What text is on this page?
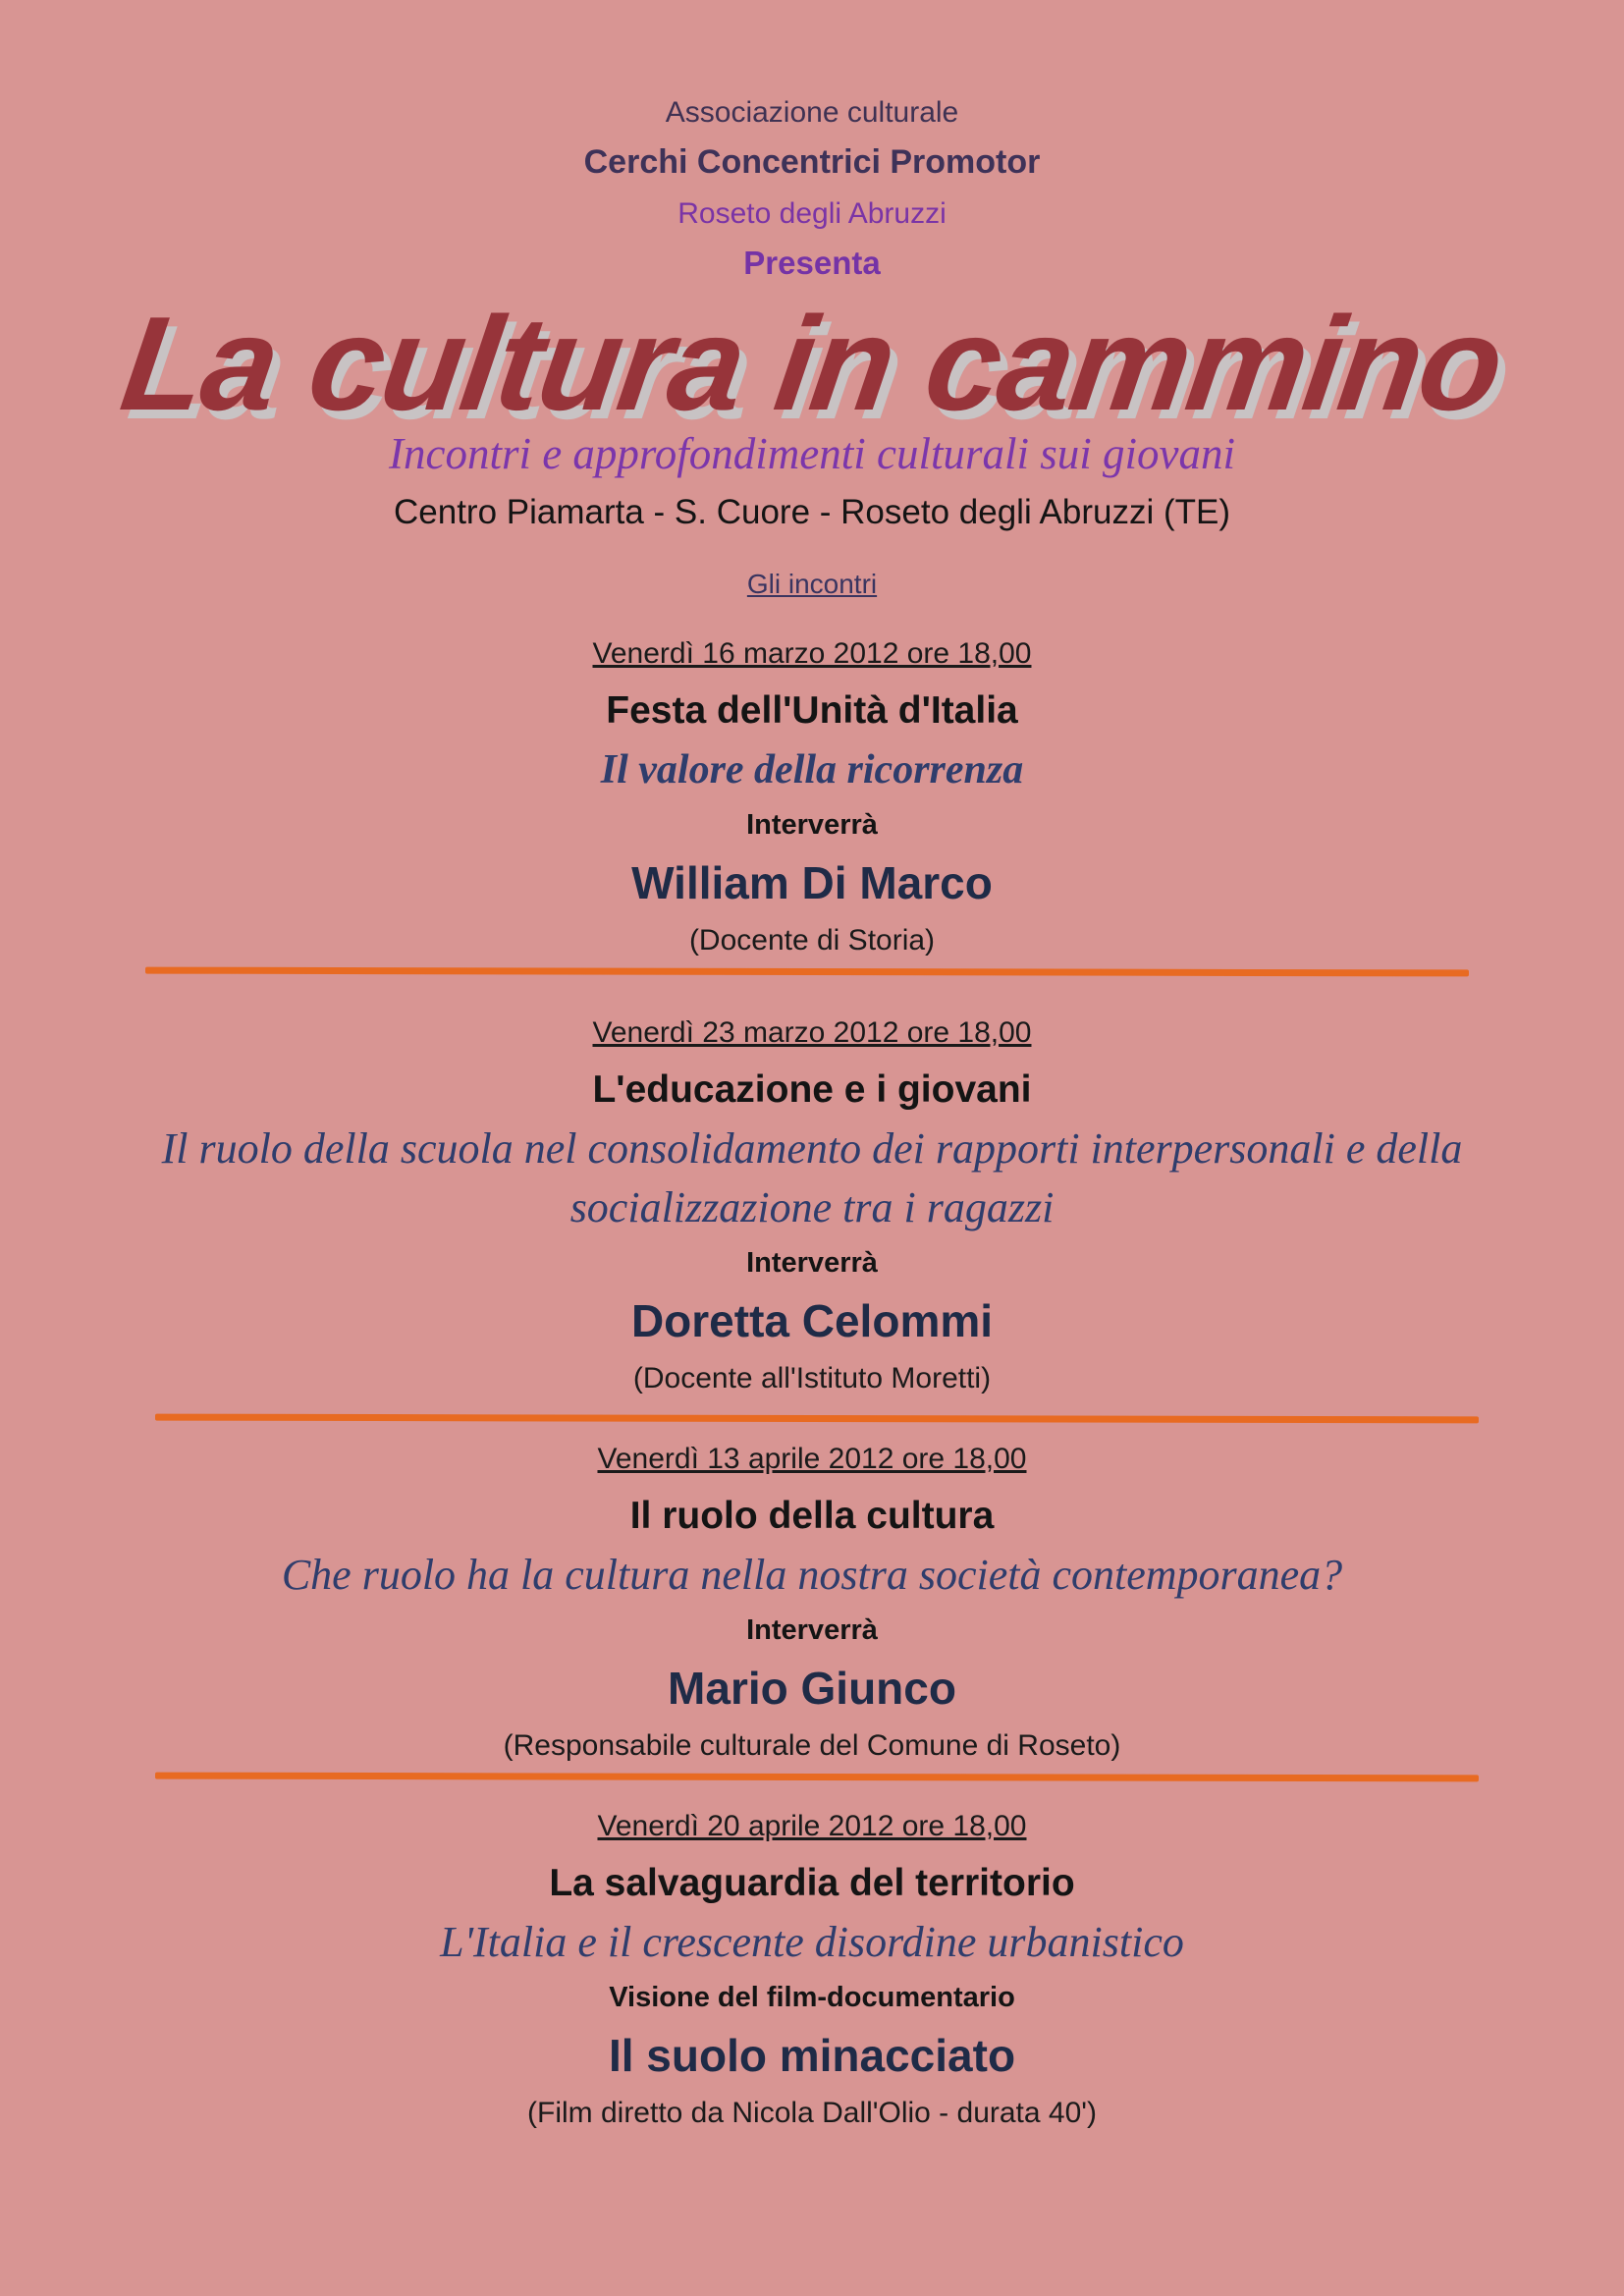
Associazione culturale

Cerchi Concentrici Promotor

Roseto degli Abruzzi

Presenta

La cultura in cammino

Incontri e approfondimenti culturali sui giovani

Centro Piamarta - S. Cuore - Roseto degli Abruzzi (TE)

Gli incontri

Venerdì 16 marzo 2012 ore 18,00
Festa dell'Unità d'Italia
Il valore della ricorrenza
Interverrà
William Di Marco
(Docente di Storia)
Venerdì 23 marzo 2012 ore 18,00
L'educazione e i giovani
Il ruolo della scuola nel consolidamento dei rapporti interpersonali e della
socializzazione tra i ragazzi
Interverrà
Doretta Celommi
(Docente all'Istituto Moretti)
Venerdì 13 aprile 2012 ore 18,00
Il ruolo della cultura
Che ruolo ha la cultura nella nostra società contemporanea?
Interverrà
Mario Giunco
(Responsabile culturale del Comune di Roseto)
Venerdì 20 aprile 2012 ore 18,00
La salvaguardia del territorio
L'Italia e il crescente disordine urbanistico
Visione del film-documentario
Il suolo minacciato
(Film diretto da Nicola Dall'Olio - durata 40')
